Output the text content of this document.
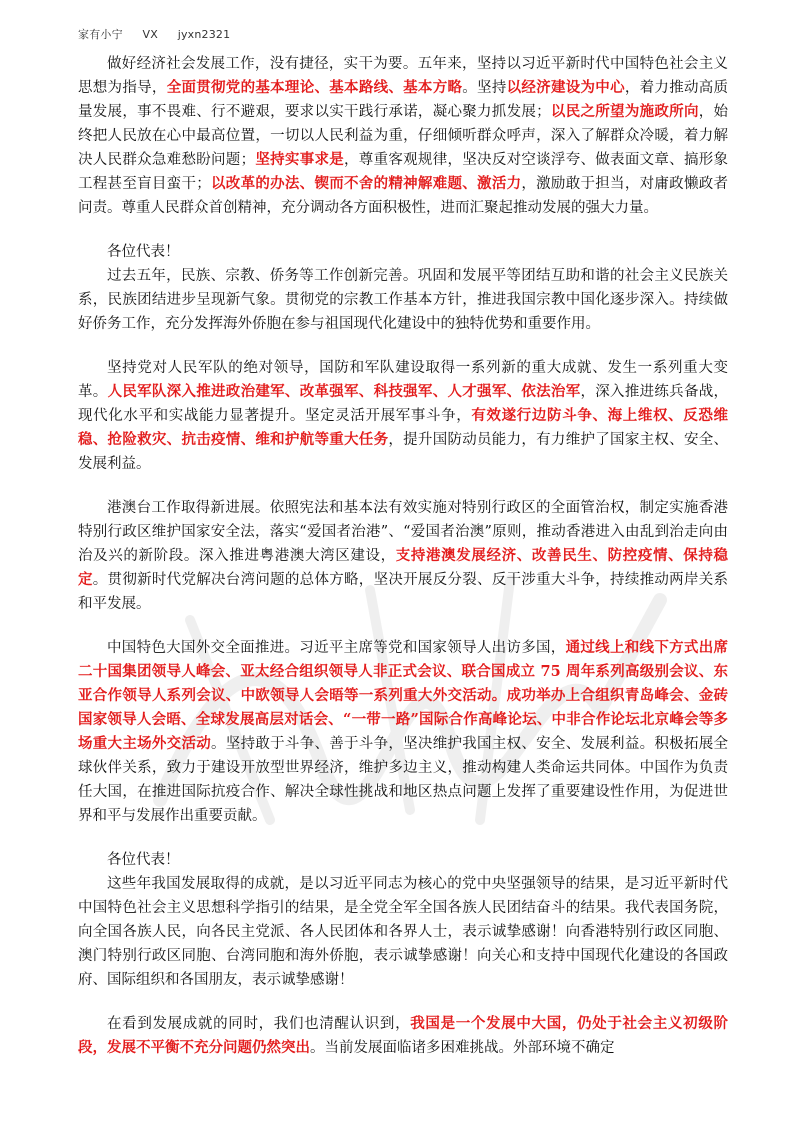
家有小宁 VX jyxn2321

做好经济社会发展工作，没有捷径，实干为要。五年来，坚持以习近平新时代中国特色社会主义思想为指导，全面贯彻党的基本理论、基本路线、基本方略。坚持以经济建设为中心，着力推动高质量发展，事不畏难、行不避艰，要求以实干践行承诺，凝心聚力抓发展；以民之所望为施政所向，始终把人民放在心中最高位置，一切以人民利益为重，仔细倾听群众呼声，深入了解群众冷暖，着力解决人民群众急难愁盼问题；坚持实事求是，尊重客观规律，坚决反对空谈浮夸、做表面文章、搞形象工程甚至盲目蛮干；以改革的办法、锲而不舍的精神解难题、激活力，激励敢于担当，对庸政懒政者问责。尊重人民群众首创精神，充分调动各方面积极性，进而汇聚起推动发展的强大力量。

各位代表！

过去五年，民族、宗教、侨务等工作创新完善。巩固和发展平等团结互助和谐的社会主义民族关系，民族团结进步呈现新气象。贯彻党的宗教工作基本方针，推进我国宗教中国化逐步深入。持续做好侨务工作，充分发挥海外侨胞在参与祖国现代化建设中的独特优势和重要作用。

坚持党对人民军队的绝对领导，国防和军队建设取得一系列新的重大成就、发生一系列重大变革。人民军队深入推进政治建军、改革强军、科技强军、人才强军、依法治军，深入推进练兵备战，现代化水平和实战能力显著提升。坚定灵活开展军事斗争，有效遂行边防斗争、海上维权、反恐维稳、抢险救灾、抗击疫情、维和护航等重大任务，提升国防动员能力，有力维护了国家主权、安全、发展利益。

港澳台工作取得新进展。依照宪法和基本法有效实施对特别行政区的全面管治权，制定实施香港特别行政区维护国家安全法，落实“爱国者治港”、“爱国者治澳”原则，推动香港进入由乱到治走向由治及兴的新阶段。深入推进粤港澳大湾区建设，支持港澳发展经济、改善民生、防控疫情、保持稳定。贯彻新时代党解决台湾问题的总体方略，坚决开展反分裂、反干涉重大斗争，持续推动两岸关系和平发展。

中国特色大国外交全面推进。习近平主席等党和国家领导人出访多国，通过线上和线下方式出席二十国集团领导人峰会、亚太经合组织领导人非正式会议、联合国成立 75 周年系列高级别会议、东亚合作领导人系列会议、中欧领导人会晤等一系列重大外交活动。成功举办上合组织青岛峰会、金砖国家领导人会晤、全球发展高层对话会、“一带一路”国际合作高峰论坛、中非合作论坛北京峰会等多场重大主场外交活动。坚持敢于斗争、善于斗争，坚决维护我国主权、安全、发展利益。积极拓展全球伙伴关系，致力于建设开放型世界经济，维护多边主义，推动构建人类命运共同体。中国作为负责任大国，在推进国际抗疫合作、解决全球性挑战和地区热点问题上发挥了重要建设性作用，为促进世界和平与发展作出重要贡献。

各位代表！

这些年我国发展取得的成就，是以习近平同志为核心的党中央坚强领导的结果，是习近平新时代中国特色社会主义思想科学指引的结果，是全党全军全国各族人民团结奋斗的结果。我代表国务院，向全国各族人民，向各民主党派、各人民团体和各界人士，表示诚挚感谢！向香港特别行政区同胞、澳门特别行政区同胞、台湾同胞和海外侨胞，表示诚挚感谢！向关心和支持中国现代化建设的各国政府、国际组织和各国朋友，表示诚挚感谢！

在看到发展成就的同时，我们也清醒认识到，我国是一个发展中大国，仍处于社会主义初级阶段，发展不平衡不充分问题仍然突出。当前发展面临诸多困难挑战。外部环境不确定
